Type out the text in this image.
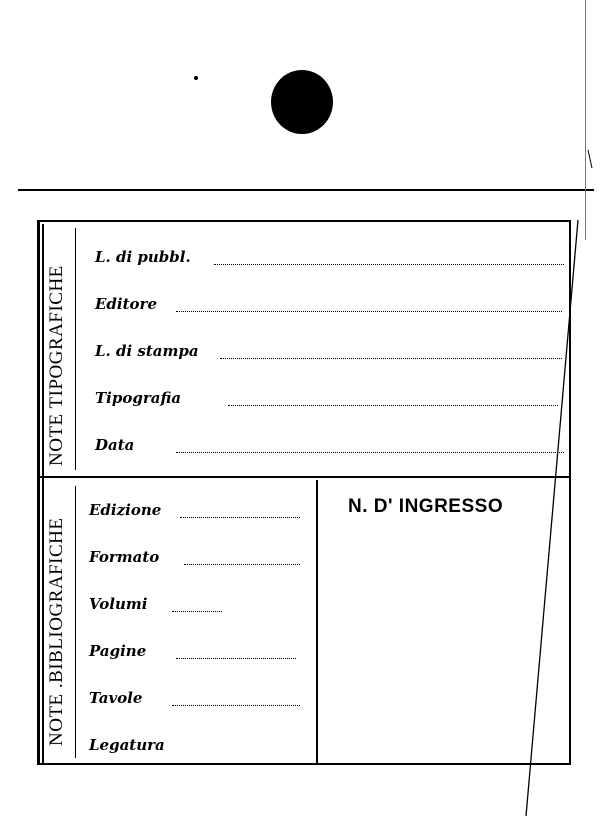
NOTE TIPOGRAFICHE
L. di pubbl.
Editore
L. di stampa
Tipografia
Data
NOTE .BIBLIOGRAFICHE
Edizione
Formato
Volumi
Pagine
Tavole
Legatura
N. D' INGRESSO
